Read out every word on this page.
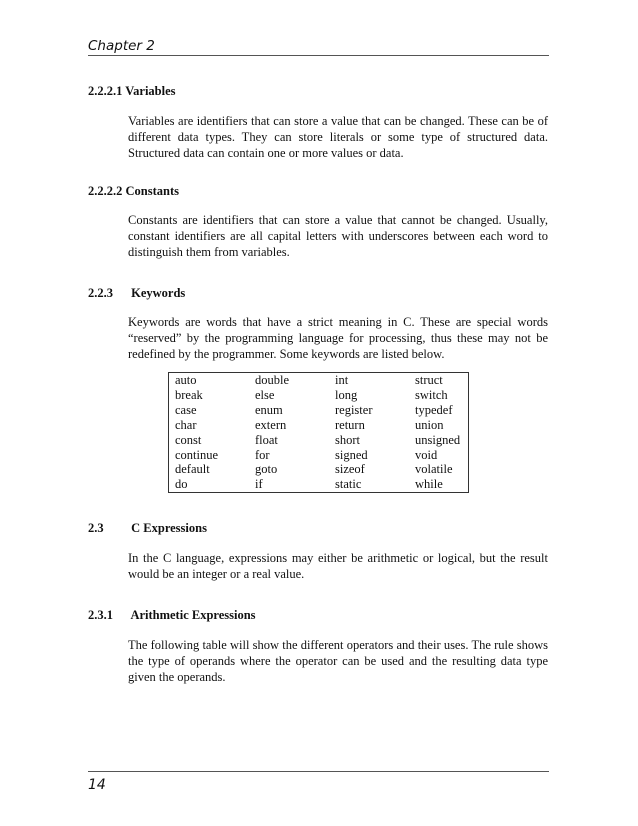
Chapter 2
2.2.2.1 Variables

Variables are identifiers that can store a value that can be changed. These can be of different data types. They can store literals or some type of structured data. Structured data can contain one or more values or data.

2.2.2.2 Constants

Constants are identifiers that can store a value that cannot be changed. Usually, constant identifiers are all capital letters with underscores between each word to distinguish them from variables.

2.2.3 Keywords

Keywords are words that have a strict meaning in C. These are special words “reserved” by the programming language for processing, thus these may not be redefined by the programmer. Some keywords are listed below.

auto	double	int	struct
break	else	long	switch
case	enum	register	typedef
char	extern	return	union
const	float	short	unsigned
continue	for	signed	void
default	goto	sizeof	volatile
do	if	static	while
2.3 C Expressions

In the C language, expressions may either be arithmetic or logical, but the result would be an integer or a real value.

2.3.1 Arithmetic Expressions

The following table will show the different operators and their uses. The rule shows the type of operands where the operator can be used and the resulting data type given the operands.

14
